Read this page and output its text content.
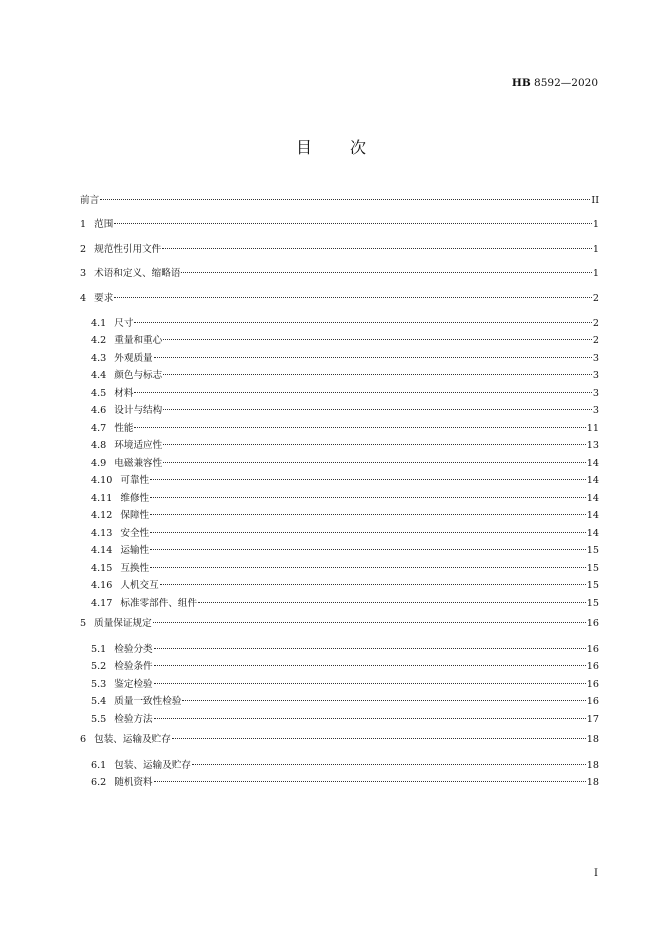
HB 8592—2020
目次
前言	II
1 范围	1
2 规范性引用文件	1
3 术语和定义、缩略语	1
4 要求	2
4.1 尺寸	2
4.2 重量和重心	2
4.3 外观质量	3
4.4 颜色与标志	3
4.5 材料	3
4.6 设计与结构	3
4.7 性能	11
4.8 环境适应性	13
4.9 电磁兼容性	14
4.10 可靠性	14
4.11 维修性	14
4.12 保障性	14
4.13 安全性	14
4.14 运输性	15
4.15 互换性	15
4.16 人机交互	15
4.17 标准零部件、组件	15
5 质量保证规定	16
5.1 检验分类	16
5.2 检验条件	16
5.3 鉴定检验	16
5.4 质量一致性检验	16
5.5 检验方法	17
6 包装、运输及贮存	18
6.1 包装、运输及贮存	18
6.2 随机资料	18
I
